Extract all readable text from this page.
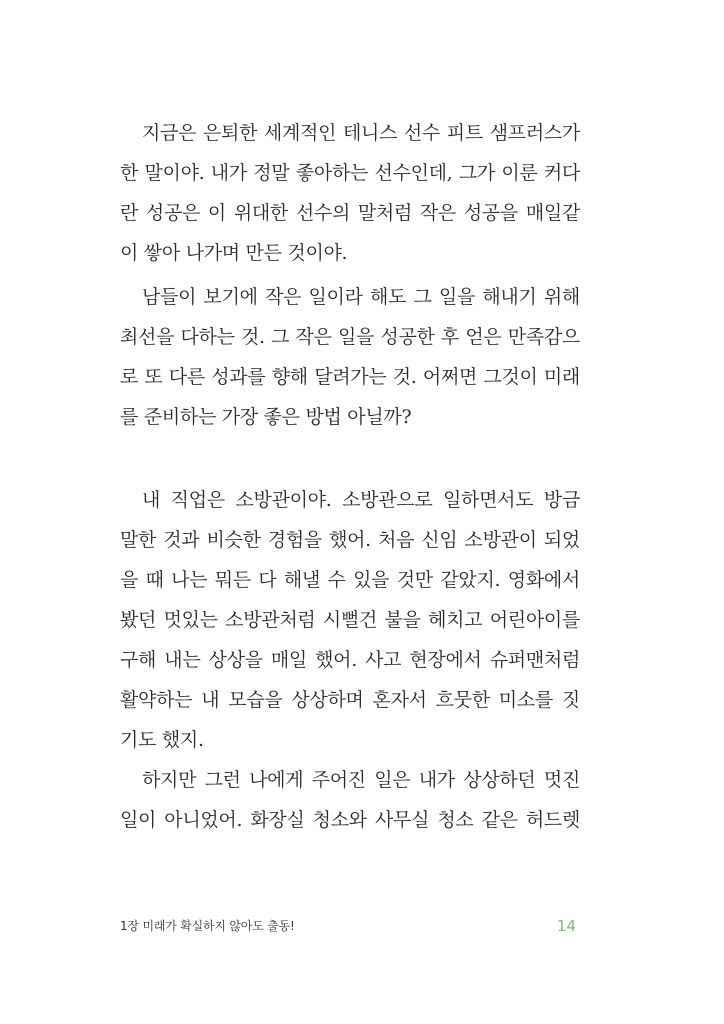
지금은 은퇴한 세계적인 테니스 선수 피트 샘프러스가
한 말이야. 내가 정말 좋아하는 선수인데, 그가 이룬 커다
란 성공은 이 위대한 선수의 말처럼 작은 성공을 매일같
이 쌓아 나가며 만든 것이야.
남들이 보기에 작은 일이라 해도 그 일을 해내기 위해
최선을 다하는 것. 그 작은 일을 성공한 후 얻은 만족감으
로 또 다른 성과를 향해 달려가는 것. 어쩌면 그것이 미래
를 준비하는 가장 좋은 방법 아닐까?
내 직업은 소방관이야. 소방관으로 일하면서도 방금
말한 것과 비슷한 경험을 했어. 처음 신임 소방관이 되었
을 때 나는 뭐든 다 해낼 수 있을 것만 같았지. 영화에서
봤던 멋있는 소방관처럼 시뻘건 불을 헤치고 어린아이를
구해 내는 상상을 매일 했어. 사고 현장에서 슈퍼맨처럼
활약하는 내 모습을 상상하며 혼자서 흐뭇한 미소를 짓
기도 했지.
하지만 그런 나에게 주어진 일은 내가 상상하던 멋진
일이 아니었어. 화장실 청소와 사무실 청소 같은 허드렛
1장 미래가 확실하지 않아도 출동!	14
